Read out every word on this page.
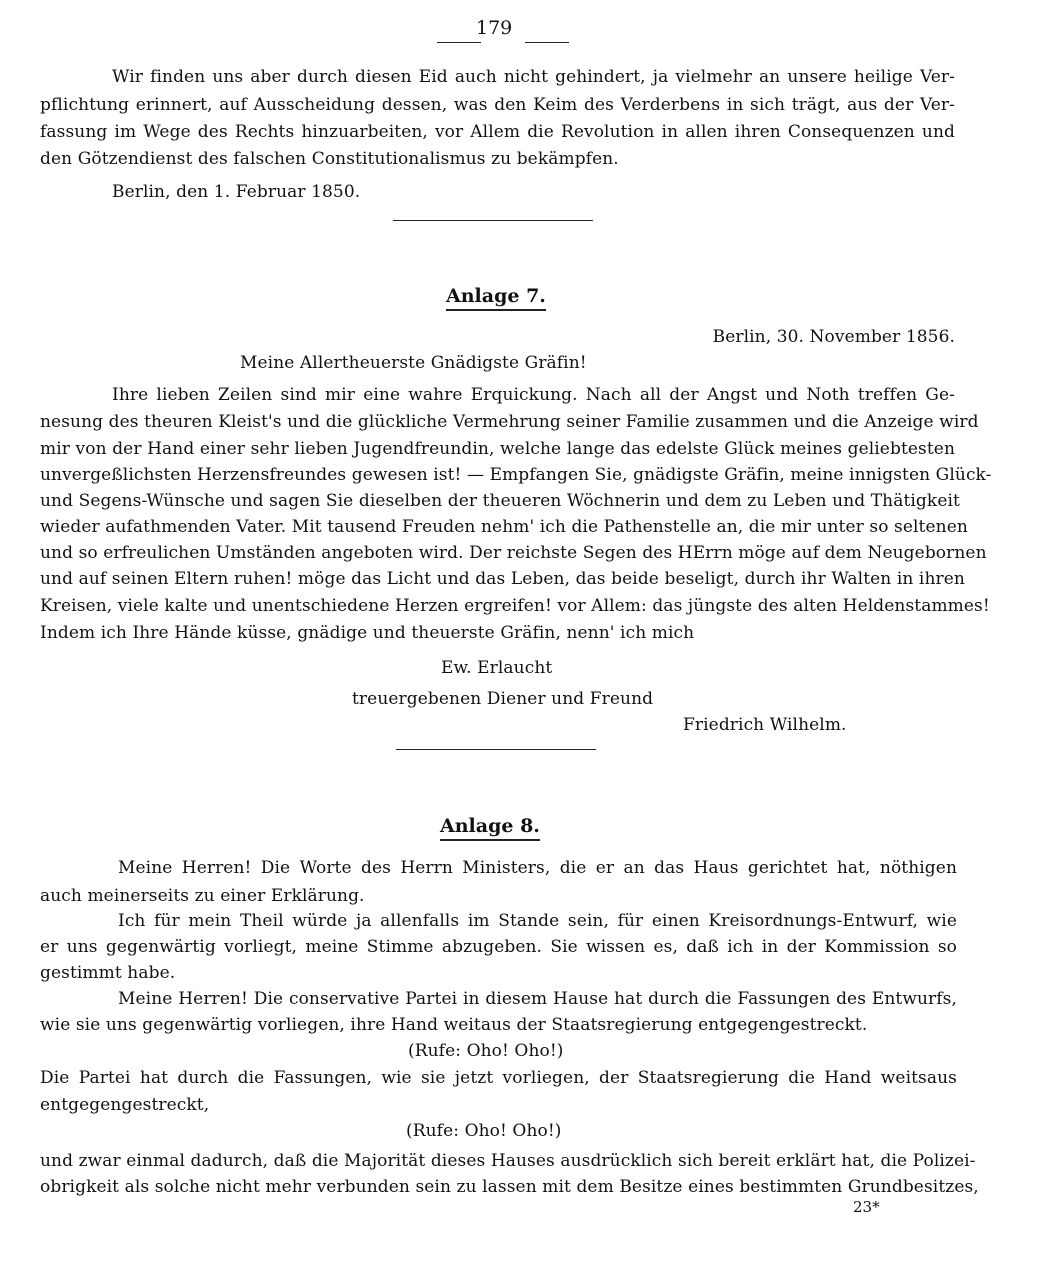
179
Wir finden uns aber durch diesen Eid auch nicht gehindert, ja vielmehr an unsere heilige Ver-
pflichtung erinnert, auf Ausscheidung dessen, was den Keim des Verderbens in sich trägt, aus der Ver-
fassung im Wege des Rechts hinzuarbeiten, vor Allem die Revolution in allen ihren Consequenzen und
den Götzendienst des falschen Constitutionalismus zu bekämpfen.
Berlin, den 1. Februar 1850.
Anlage 7.
Berlin, 30. November 1856.
Meine Allertheuerste Gnädigste Gräfin!
Ihre lieben Zeilen sind mir eine wahre Erquickung. Nach all der Angst und Noth treffen Ge-
nesung des theuren Kleist's und die glückliche Vermehrung seiner Familie zusammen und die Anzeige wird
mir von der Hand einer sehr lieben Jugendfreundin, welche lange das edelste Glück meines geliebtesten
unvergeßlichsten Herzensfreundes gewesen ist! — Empfangen Sie, gnädigste Gräfin, meine innigsten Glück-
und Segens-Wünsche und sagen Sie dieselben der theueren Wöchnerin und dem zu Leben und Thätigkeit
wieder aufathmenden Vater. Mit tausend Freuden nehm' ich die Pathenstelle an, die mir unter so seltenen
und so erfreulichen Umständen angeboten wird. Der reichste Segen des HErrn möge auf dem Neugebornen
und auf seinen Eltern ruhen! möge das Licht und das Leben, das beide beseligt, durch ihr Walten in ihren
Kreisen, viele kalte und unentschiedene Herzen ergreifen! vor Allem: das jüngste des alten Heldenstammes!
Indem ich Ihre Hände küsse, gnädige und theuerste Gräfin, nenn' ich mich
Ew. Erlaucht
treuergebenen Diener und Freund
Friedrich Wilhelm.
Anlage 8.
Meine Herren! Die Worte des Herrn Ministers, die er an das Haus gerichtet hat, nöthigen
auch meinerseits zu einer Erklärung.
Ich für mein Theil würde ja allenfalls im Stande sein, für einen Kreisordnungs-Entwurf, wie
er uns gegenwärtig vorliegt, meine Stimme abzugeben. Sie wissen es, daß ich in der Kommission so
gestimmt habe.
Meine Herren! Die conservative Partei in diesem Hause hat durch die Fassungen des Entwurfs,
wie sie uns gegenwärtig vorliegen, ihre Hand weitaus der Staatsregierung entgegengestreckt.
(Rufe: Oho! Oho!)
Die Partei hat durch die Fassungen, wie sie jetzt vorliegen, der Staatsregierung die Hand weitsaus
entgegengestreckt,
(Rufe: Oho! Oho!)
und zwar einmal dadurch, daß die Majorität dieses Hauses ausdrücklich sich bereit erklärt hat, die Polizei-
obrigkeit als solche nicht mehr verbunden sein zu lassen mit dem Besitze eines bestimmten Grundbesitzes,
23*
